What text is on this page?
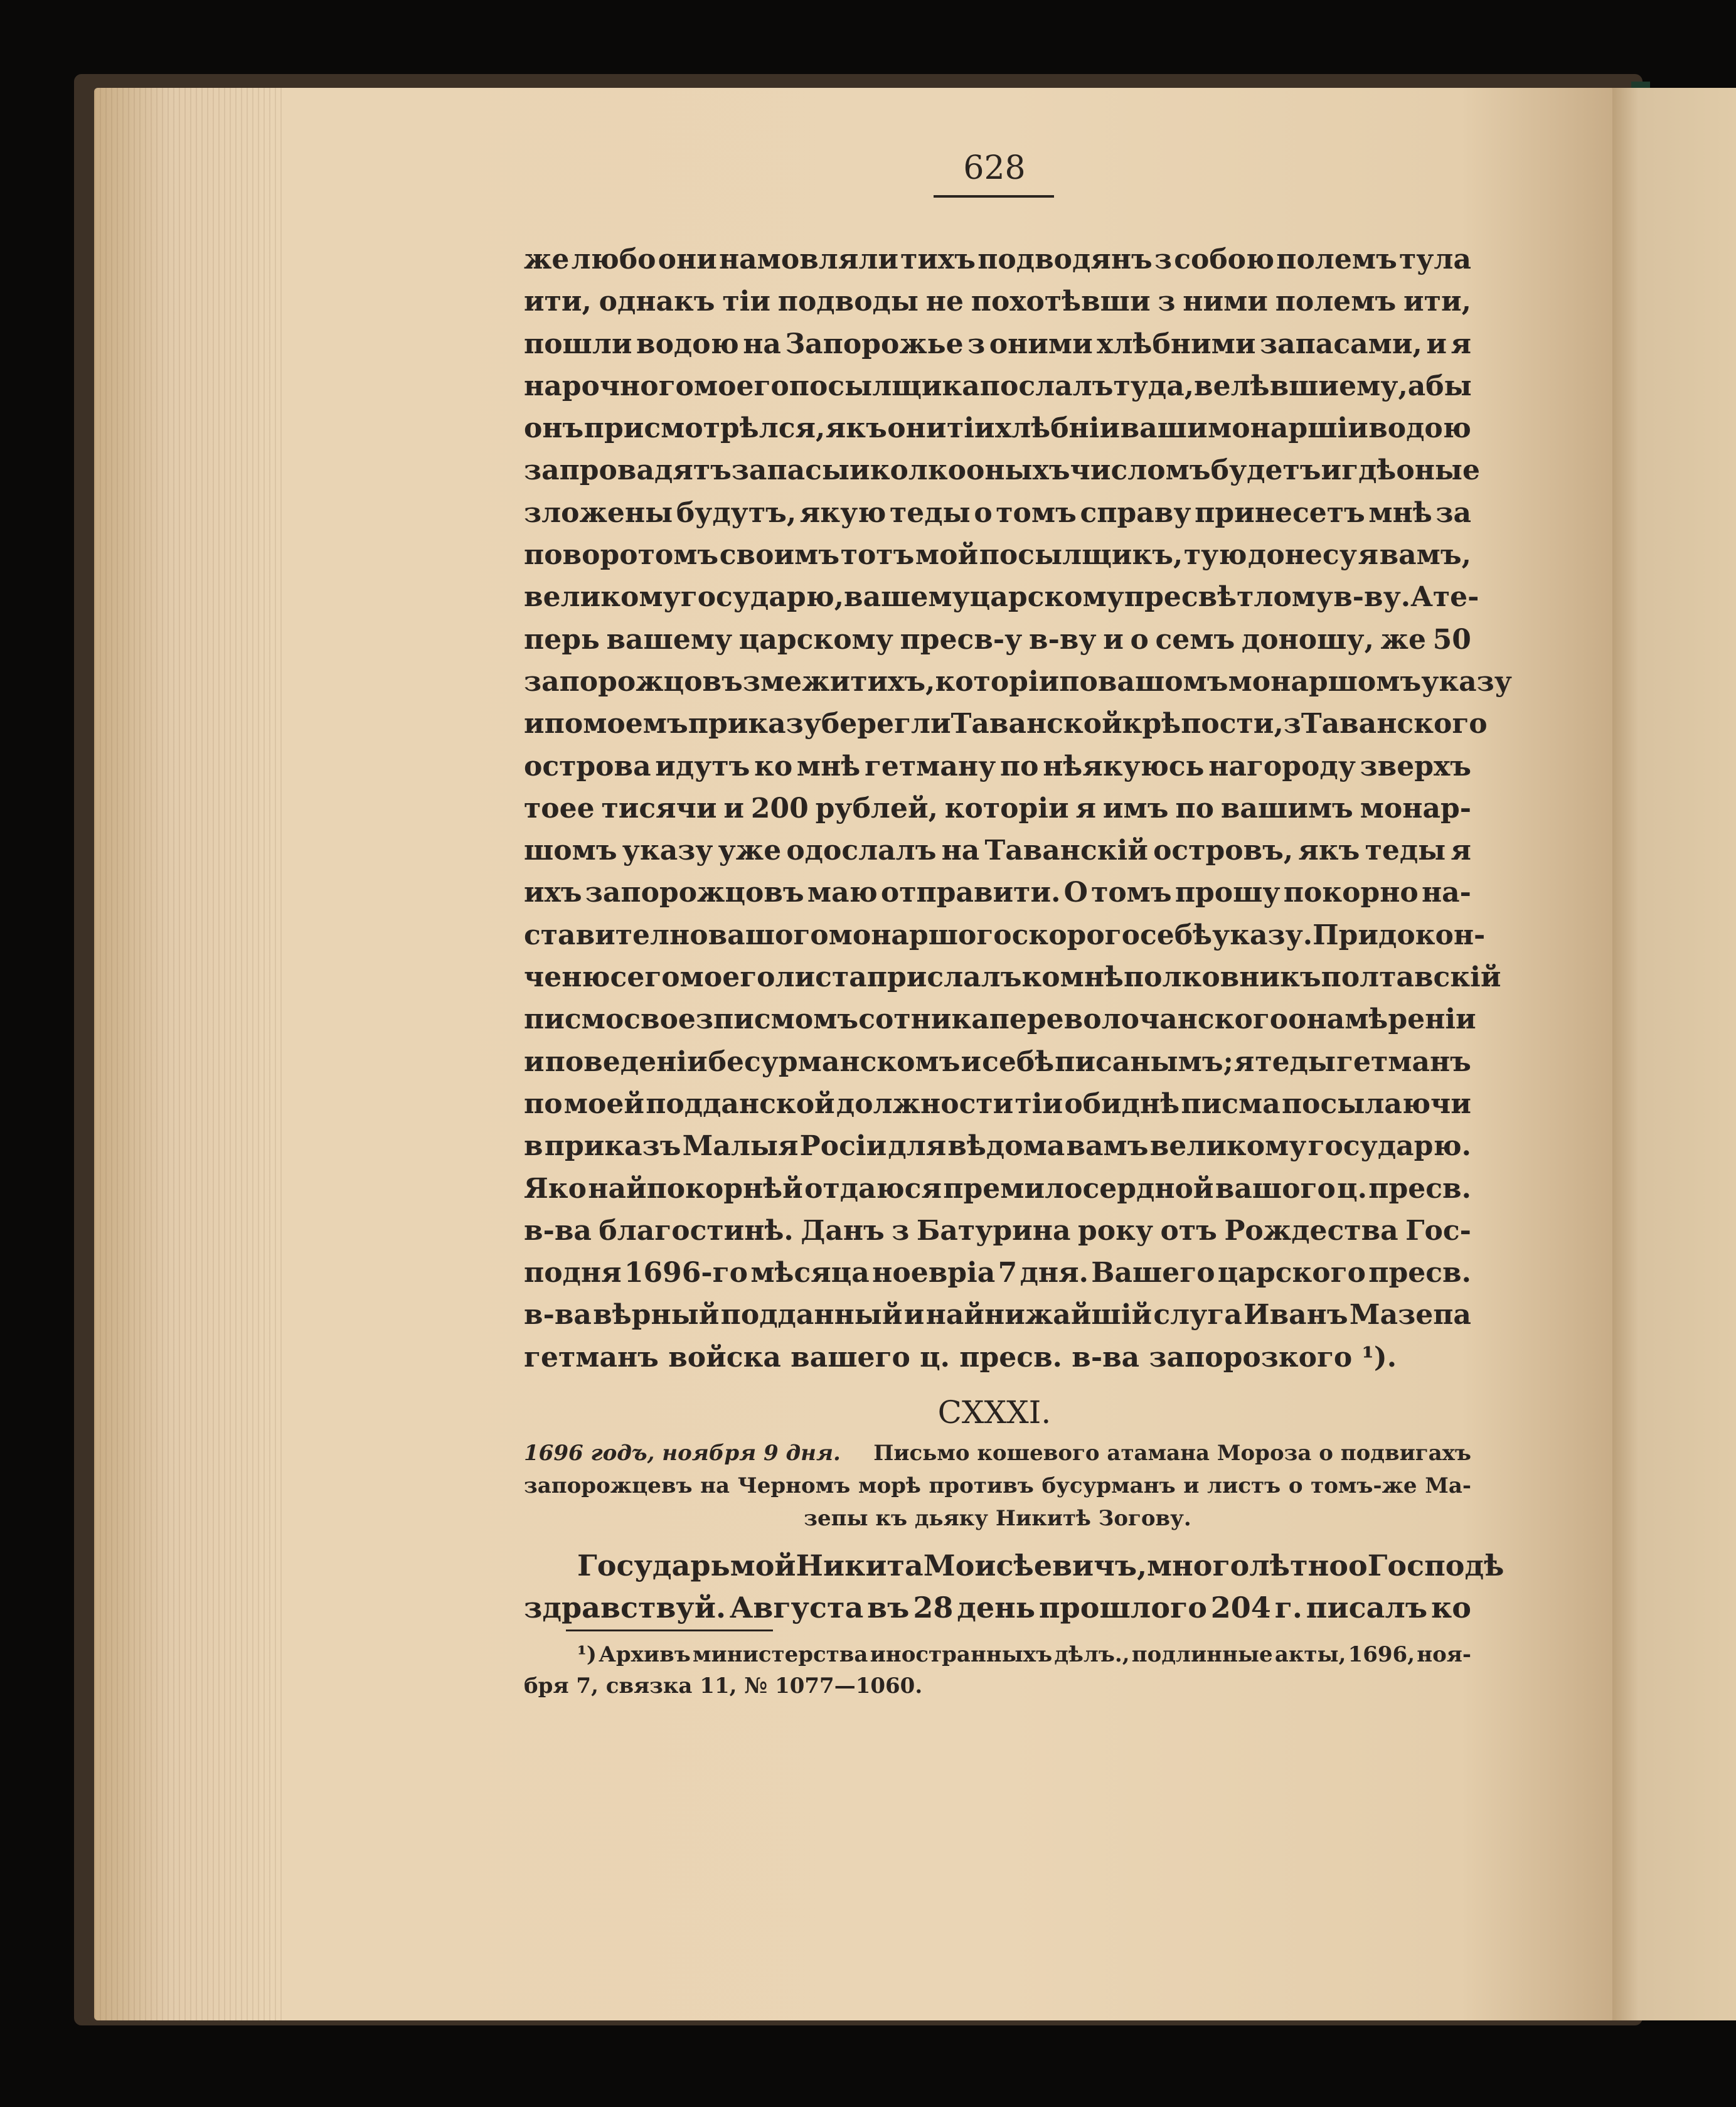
628
же любо они намовляли тихъ подводянъ з собою полемъ тула
ити, однакъ тiи подводы не похотѣвши з ними полемъ ити,
пошли водою на Запорожье з оними хлѣбними запасами, и я
нарочного моего посылщика послалъ туда, велѣвши ему, абы
онъ присмотрѣлся, якъ они тiи хлѣбнiи ваши монаршiи водою
запровадятъ запасы и колко оныхъ числомъ будетъ и гдѣ оные
зложены будутъ, якую теды о томъ справу принесетъ мнѣ за
поворотомъ своимъ тотъ мой посылщикъ, тую донесу я вамъ,
великому государю, вашему царскому пресвѣтлому в-ву. А те-
перь вашему царскому пресв-у в-ву и о семъ доношу, же 50
запорожцовъ змежи тихъ, которiи по вашомъ монаршомъ указу
и по моемъ приказу берегли Таванской крѣпости, з Таванского
острова идутъ ко мнѣ гетману по нѣякуюсь нагороду зверхъ
тоее тисячи и 200 рублей, которiи я имъ по вашимъ монар-
шомъ указу уже одослалъ на Таванскiй островъ, якъ теды я
ихъ запорожцовъ маю отправити. О томъ прошу покорно на-
ставително вашого монаршого скорого себѣ указу. При докон-
ченю сего моего листа прислалъ ко мнѣ полковникъ полтавскiй
писмо свое з писмомъ сотника переволочанского о намѣренiи
и поведенiи бесурманскомъ и себѣ писанымъ; я теды гетманъ
по моей подданской должности тiи обиднѣ писма посылаючи
в приказъ Малыя Росiи для вѣдома вамъ великому государю.
Яко найпокорнѣй отдаюся премилосердной вашого ц. пресв.
в-ва благостинѣ. Данъ з Батурина року отъ Рождества Гос-
подня 1696-го мѣсяца ноеврiа 7 дня. Вашего царского пресв.
в-ва вѣрный подданный и найнижайшiй слуга Иванъ Мазепа
гетманъ войска вашего ц. пресв. в-ва запорозкого ¹).
CXXXI.
1696 годъ, ноября 9 дня. Письмо кошевого атамана Мороза о подвигахъ
запорожцевъ на Черномъ морѣ противъ бусурманъ и листъ о томъ-же Ма-
зепы къ дьяку Никитѣ Зогову.
Государь мой Никита Моисѣевичъ, многолѣтно о Господѣ
здравствуй. Августа въ 28 день прошлого 204 г. писалъ ко
¹) Архивъ министерства иностранныхъ дѣлъ., подлинные акты, 1696, ноя-
бря 7, связка 11, № 1077—1060.
